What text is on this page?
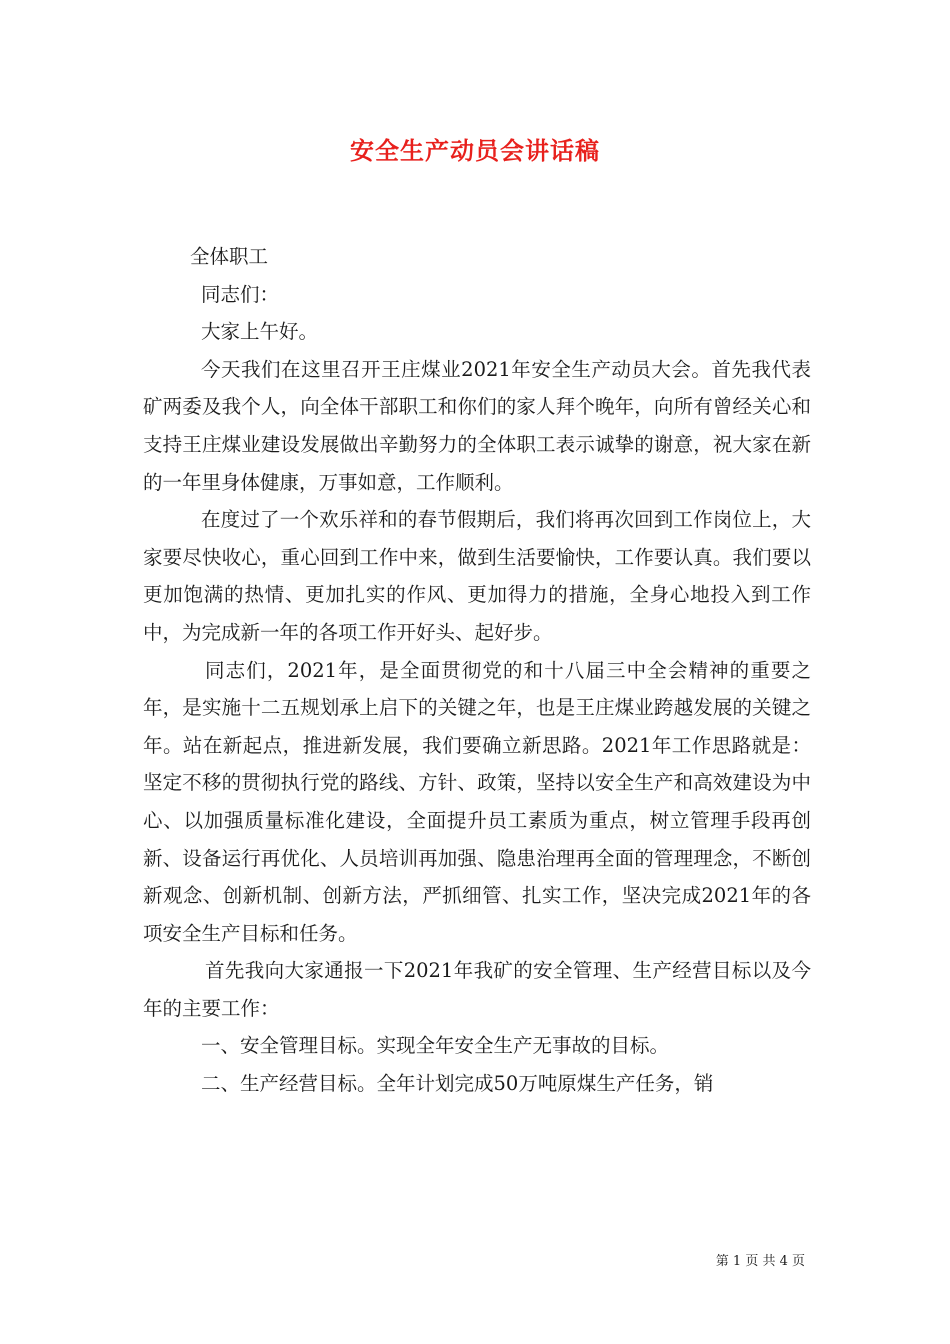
安全生产动员会讲话稿

全体职工

同志们：

大家上午好。

今天我们在这里召开王庄煤业2021年安全生产动员大会。首先我代表矿两委及我个人，向全体干部职工和你们的家人拜个晚年，向所有曾经关心和支持王庄煤业建设发展做出辛勤努力的全体职工表示诚挚的谢意，祝大家在新的一年里身体健康，万事如意，工作顺利。

在度过了一个欢乐祥和的春节假期后，我们将再次回到工作岗位上，大家要尽快收心，重心回到工作中来，做到生活要愉快，工作要认真。我们要以更加饱满的热情、更加扎实的作风、更加得力的措施，全身心地投入到工作中，为完成新一年的各项工作开好头、起好步。

同志们，2021年，是全面贯彻党的和十八届三中全会精神的重要之年，是实施十二五规划承上启下的关键之年，也是王庄煤业跨越发展的关键之年。站在新起点，推进新发展，我们要确立新思路。2021年工作思路就是：坚定不移的贯彻执行党的路线、方针、政策，坚持以安全生产和高效建设为中心、以加强质量标准化建设，全面提升员工素质为重点，树立管理手段再创新、设备运行再优化、人员培训再加强、隐患治理再全面的管理理念，不断创新观念、创新机制、创新方法，严抓细管、扎实工作，坚决完成2021年的各项安全生产目标和任务。

首先我向大家通报一下2021年我矿的安全管理、生产经营目标以及今年的主要工作：

一、安全管理目标。实现全年安全生产无事故的目标。

二、生产经营目标。全年计划完成50万吨原煤生产任务，销

第 1 页 共 4 页
